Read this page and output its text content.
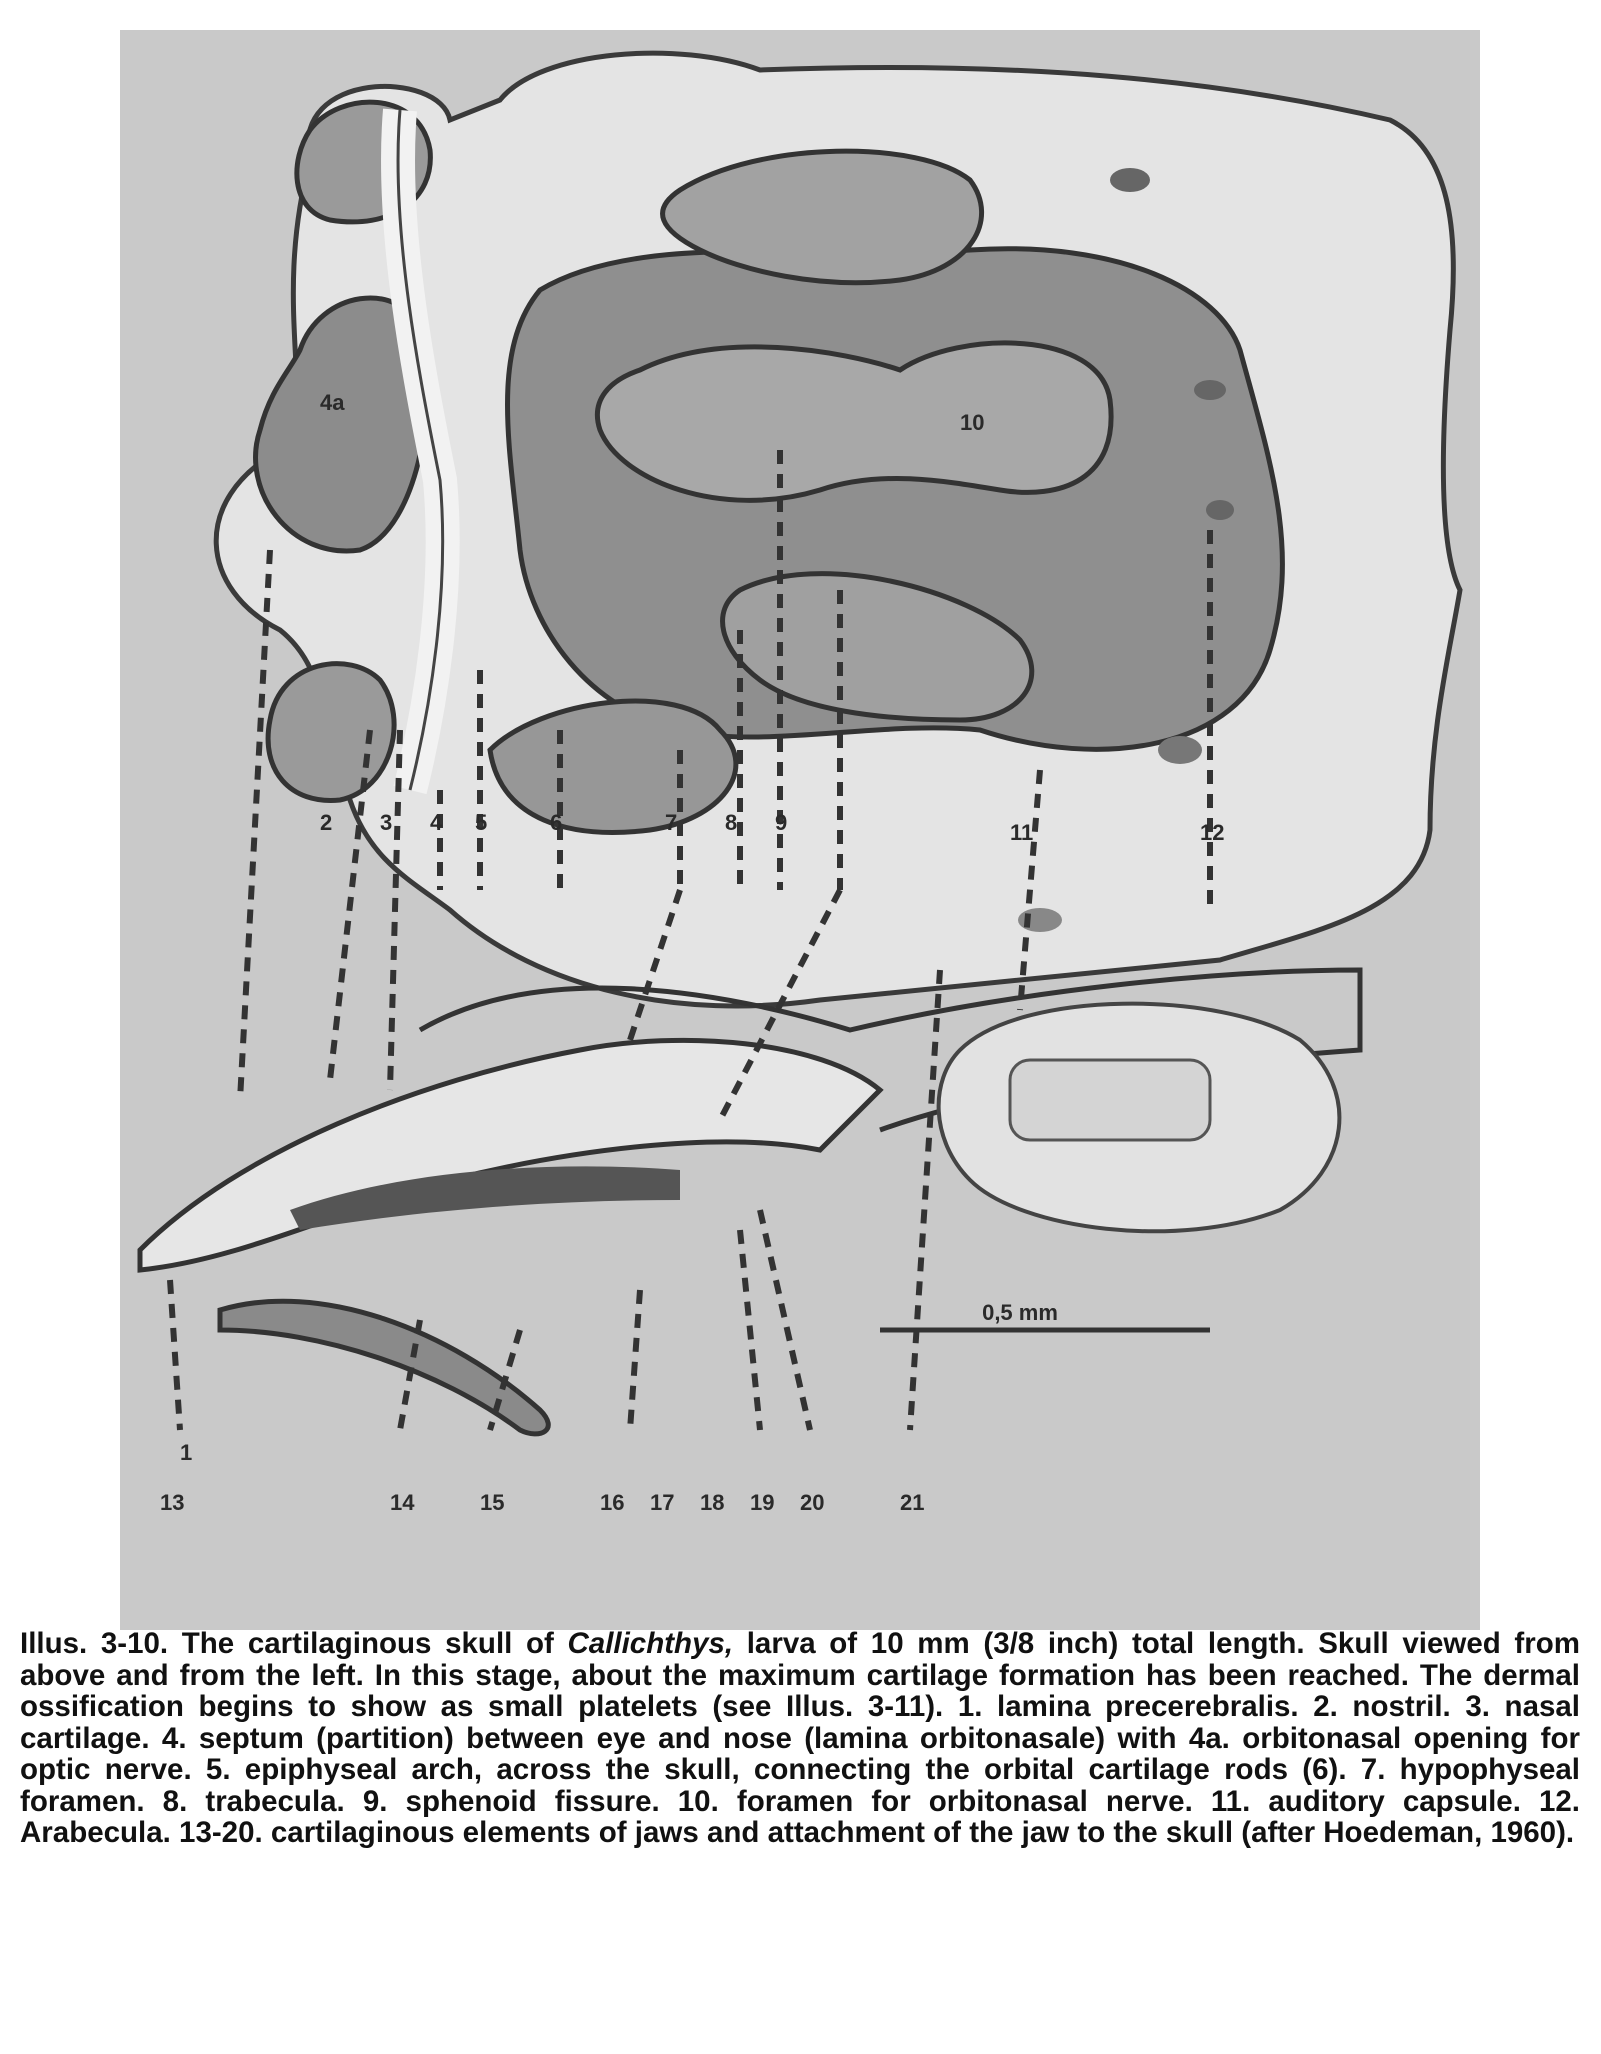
0,5 mm
1
2 3 4
4a
5	6	7 8 9
10
11	12
13	14	15	16 17 18 19 20	21

Illus. 3-10. The cartilaginous skull of Callichthys, larva of 10 mm (3/8 inch) total length. Skull viewed from above and from the left. In this stage, about the maximum cartilage formation has been reached. The dermal ossification begins to show as small platelets (see Illus. 3-11). 1. lamina precerebralis. 2. nostril. 3. nasal cartilage. 4. septum (partition) between eye and nose (lamina orbitonasale) with 4a. orbitonasal opening for optic nerve. 5. epiphyseal arch, across the skull, connecting the orbital cartilage rods (6). 7. hypophyseal foramen. 8. trabecula. 9. sphenoid fissure. 10. foramen for orbitonasal nerve. 11. auditory capsule. 12. Arabecula. 13-20. cartilaginous elements of jaws and attachment of the jaw to the skull (after Hoedeman, 1960).
